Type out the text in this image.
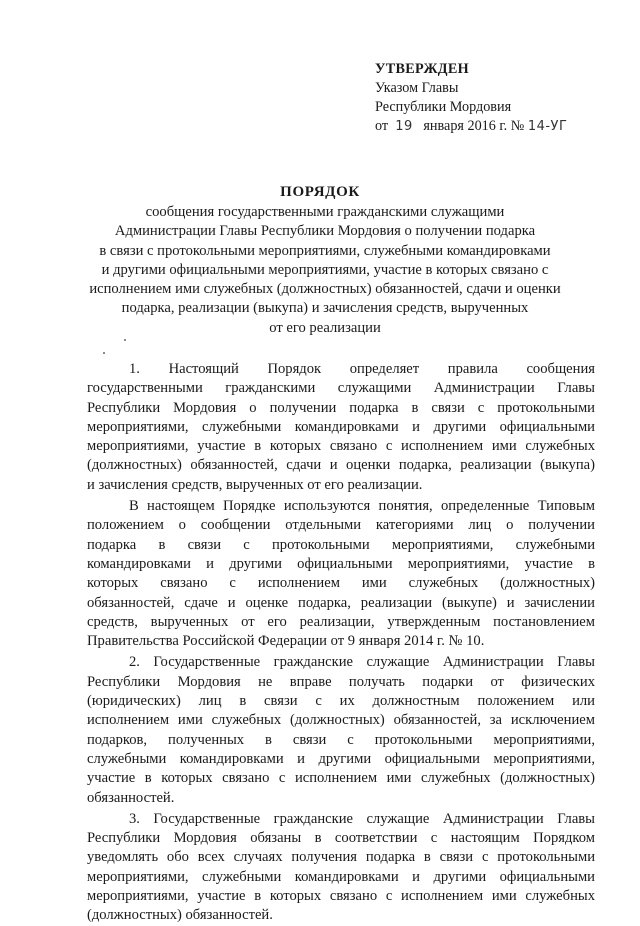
УТВЕРЖДЕН
Указом Главы
Республики Мордовия
от 19 января 2016 г. № 14-УГ
ПОРЯДОК
сообщения государственными гражданскими служащими
Администрации Главы Республики Мордовия о получении подарка
в связи с протокольными мероприятиями, служебными командировками
и другими официальными мероприятиями, участие в которых связано с
исполнением ими служебных (должностных) обязанностей, сдачи и оценки
подарка, реализации (выкупа) и зачисления средств, вырученных
от его реализации

1. Настоящий Порядок определяет правила сообщения
государственными гражданскими служащими Администрации Главы
Республики Мордовия о получении подарка в связи с протокольными
мероприятиями, служебными командировками и другими официальными
мероприятиями, участие в которых связано с исполнением ими служебных
(должностных) обязанностей, сдачи и оценки подарка, реализации (выкупа)
и зачисления средств, вырученных от его реализации.

В настоящем Порядке используются понятия, определенные Типовым
положением о сообщении отдельными категориями лиц о получении
подарка в связи с протокольными мероприятиями, служебными
командировками и другими официальными мероприятиями, участие в
которых связано с исполнением ими служебных (должностных)
обязанностей, сдаче и оценке подарка, реализации (выкупе) и зачислении
средств, вырученных от его реализации, утвержденным постановлением
Правительства Российской Федерации от 9 января 2014 г. № 10.

2. Государственные гражданские служащие Администрации Главы
Республики Мордовия не вправе получать подарки от физических
(юридических) лиц в связи с их должностным положением или
исполнением ими служебных (должностных) обязанностей, за исключением
подарков, полученных в связи с протокольными мероприятиями,
служебными командировками и другими официальными мероприятиями,
участие в которых связано с исполнением ими служебных (должностных)
обязанностей.

3. Государственные гражданские служащие Администрации Главы
Республики Мордовия обязаны в соответствии с настоящим Порядком
уведомлять обо всех случаях получения подарка в связи с протокольными
мероприятиями, служебными командировками и другими официальными
мероприятиями, участие в которых связано с исполнением ими служебных
(должностных) обязанностей.
